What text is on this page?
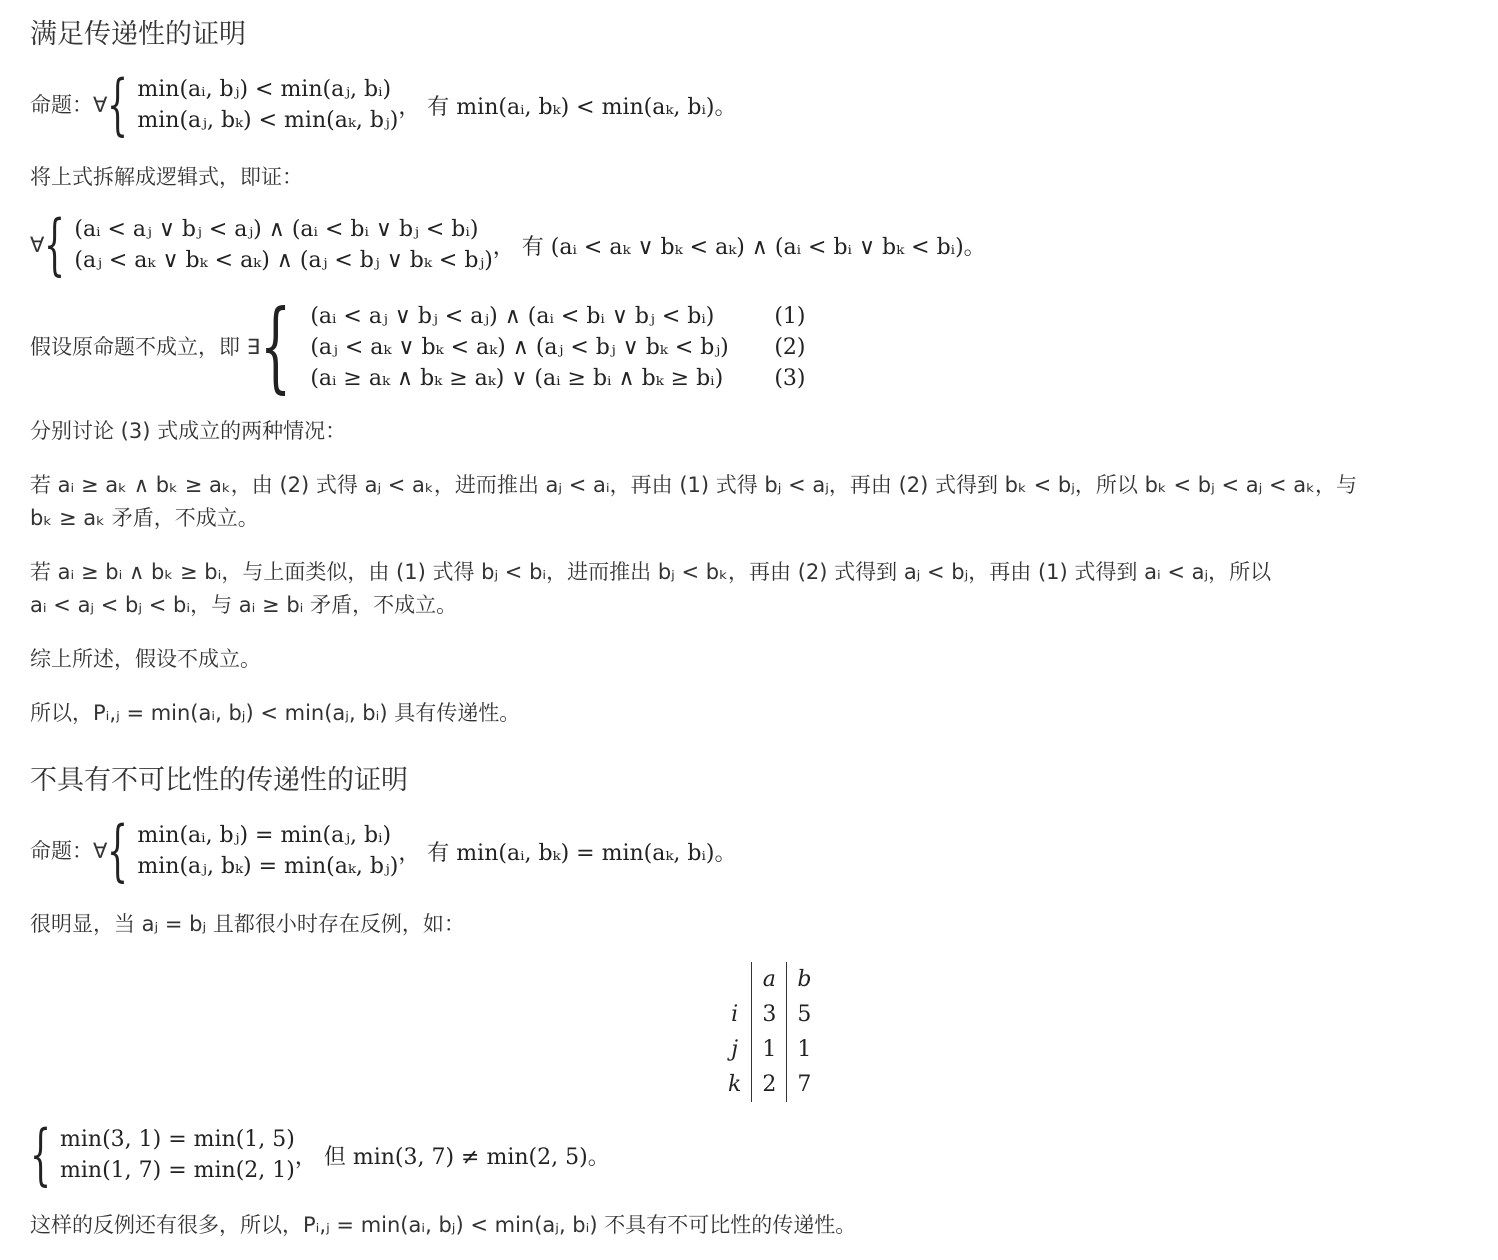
满足传递性的证明
命题：∀ { min(aᵢ, bⱼ) < min(aⱼ, bᵢ)
min(aⱼ, bₖ) < min(aₖ, bⱼ)
， 有 min(aᵢ, bₖ) < min(aₖ, bᵢ)。
将上式拆解成逻辑式，即证：
∀ { (aᵢ < aⱼ ∨ bⱼ < aⱼ) ∧ (aᵢ < bᵢ ∨ bⱼ < bᵢ)
(aⱼ < aₖ ∨ bₖ < aₖ) ∧ (aⱼ < bⱼ ∨ bₖ < bⱼ)
， 有 (aᵢ < aₖ ∨ bₖ < aₖ) ∧ (aᵢ < bᵢ ∨ bₖ < bᵢ)。
假设原命题不成立，即 ∃ { (aᵢ < aⱼ ∨ bⱼ < aⱼ) ∧ (aᵢ < bᵢ ∨ bⱼ < bᵢ)	(1)
(aⱼ < aₖ ∨ bₖ < aₖ) ∧ (aⱼ < bⱼ ∨ bₖ < bⱼ)	(2)
(aᵢ ≥ aₖ ∧ bₖ ≥ aₖ) ∨ (aᵢ ≥ bᵢ ∧ bₖ ≥ bᵢ)	(3)
分别讨论 (3) 式成立的两种情况：
若 aᵢ ≥ aₖ ∧ bₖ ≥ aₖ，由 (2) 式得 aⱼ < aₖ，进而推出 aⱼ < aᵢ，再由 (1) 式得 bⱼ < aⱼ，再由 (2) 式得到 bₖ < bⱼ，所以 bₖ < bⱼ < aⱼ < aₖ，与
bₖ ≥ aₖ 矛盾，不成立。
若 aᵢ ≥ bᵢ ∧ bₖ ≥ bᵢ，与上面类似，由 (1) 式得 bⱼ < bᵢ，进而推出 bⱼ < bₖ，再由 (2) 式得到 aⱼ < bⱼ，再由 (1) 式得到 aᵢ < aⱼ，所以
aᵢ < aⱼ < bⱼ < bᵢ，与 aᵢ ≥ bᵢ 矛盾，不成立。
综上所述，假设不成立。
所以，Pᵢ,ⱼ = min(aᵢ, bⱼ) < min(aⱼ, bᵢ) 具有传递性。
不具有不可比性的传递性的证明
命题：∀ { min(aᵢ, bⱼ) = min(aⱼ, bᵢ)
min(aⱼ, bₖ) = min(aₖ, bⱼ)
， 有 min(aᵢ, bₖ) = min(aₖ, bᵢ)。
很明显，当 aⱼ = bⱼ 且都很小时存在反例，如：
	a	b
i	3	5
j	1	1
k	2	7
{ min(3, 1) = min(1, 5)
min(1, 7) = min(2, 1)
， 但 min(3, 7) ≠ min(2, 5)。
这样的反例还有很多，所以，Pᵢ,ⱼ = min(aᵢ, bⱼ) < min(aⱼ, bᵢ) 不具有不可比性的传递性。
